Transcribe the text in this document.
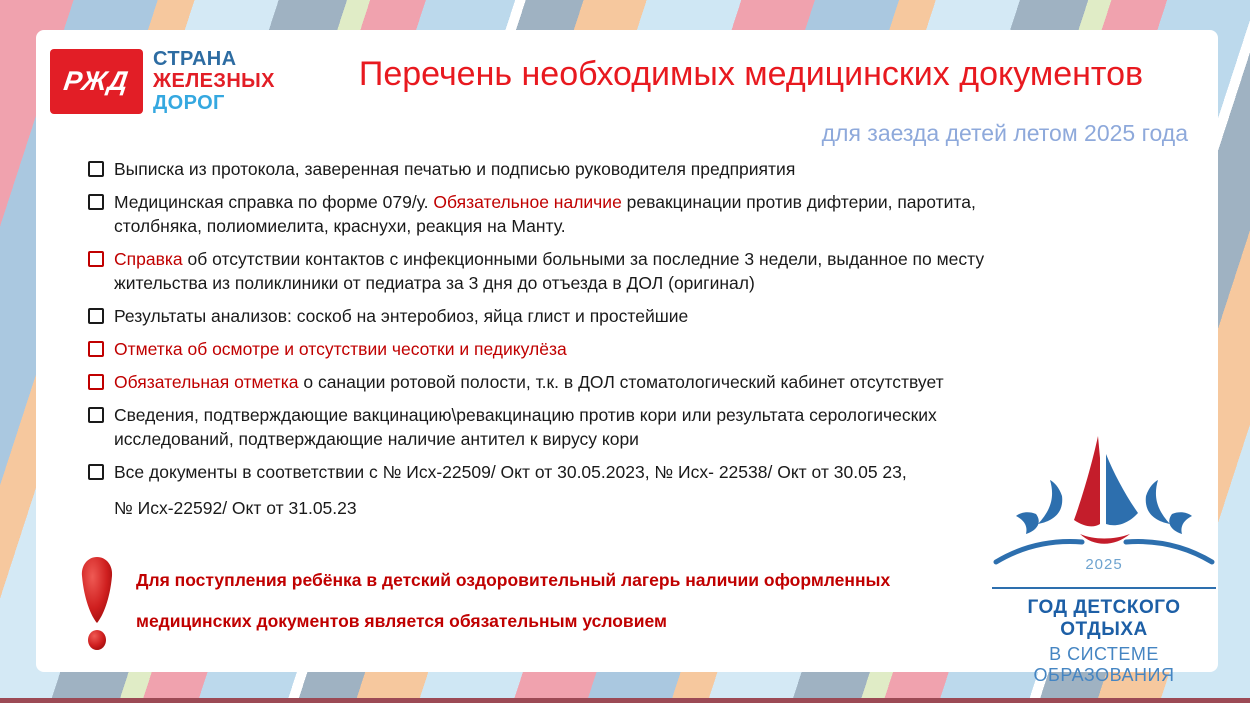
РЖД
СТРАНА
ЖЕЛЕЗНЫХ
ДОРОГ
Перечень необходимых медицинских документов
для заезда детей летом 2025 года
Выписка из протокола, заверенная печатью и подписью руководителя предприятия
Медицинская справка по форме 079/у. Обязательное наличие ревакцинации против дифтерии, паротита, столбняка, полиомиелита, краснухи, реакция на Манту.
Справка об отсутствии контактов с инфекционными больными за последние 3 недели, выданное по месту жительства из поликлиники от педиатра за 3 дня до отъезда в ДОЛ (оригинал)
Результаты анализов: соскоб на энтеробиоз, яйца глист и простейшие
Отметка об осмотре и отсутствии чесотки и педикулёза
Обязательная отметка о санации ротовой полости, т.к. в ДОЛ стоматологический кабинет отсутствует
Сведения, подтверждающие вакцинацию\ревакцинацию против кори или результата серологических исследований, подтверждающие наличие антител к вирусу кори
Все документы в соответствии с № Исх-22509/ Окт от 30.05.2023, № Исх- 22538/ Окт от 30.05 23,
№ Исх-22592/ Окт от 31.05.23
Для поступления ребёнка в детский оздоровительный лагерь наличии оформленных
медицинских документов является обязательным условием
2025
ГОД ДЕТСКОГО ОТДЫХА
В СИСТЕМЕ ОБРАЗОВАНИЯ
